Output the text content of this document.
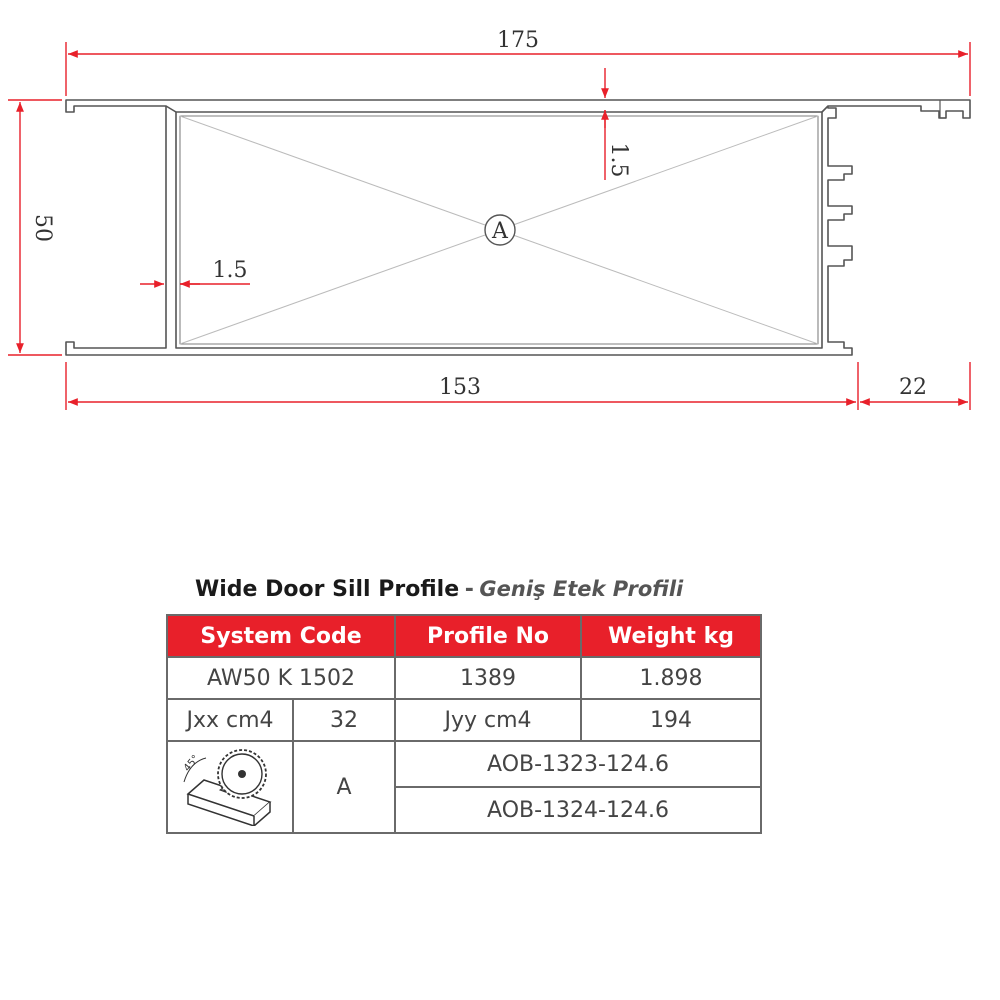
A
175
50
153	22
1.5
1.5
Wide Door Sill Profile - Geniş Etek Profili
System Code		Profile No	Weight kg
AW50 K 1502		1389	1.898
Jxx cm4	32	Jyy cm4	194

45°	A	AOB-1323-124.6	
		AOB-1324-124.6	
